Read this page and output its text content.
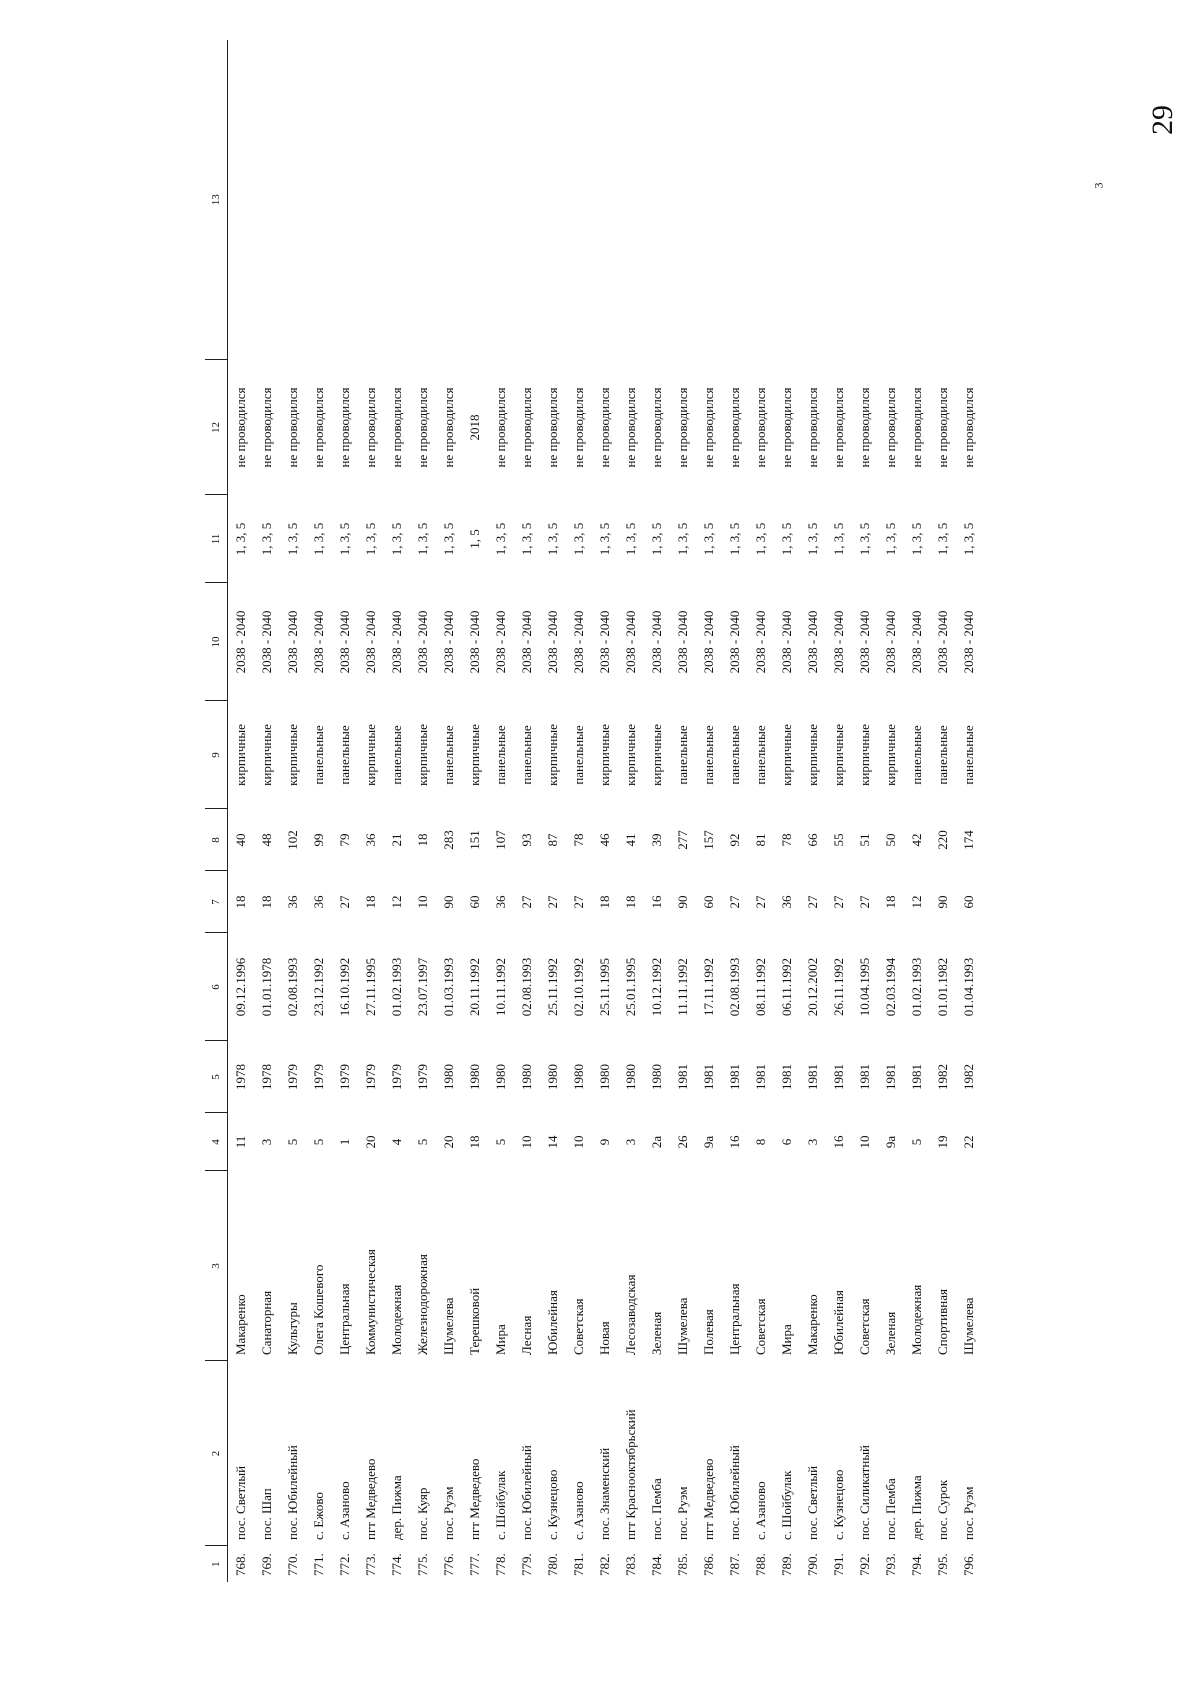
29
3
1	2	3	4	5	6	7	8	9	10	11	12	13
768.	пос. Светлый	Макаренко	11	1978	09.12.1996	18	40	кирпичные	2038 - 2040	1, 3, 5	не проводился	
769.	пос. Шап	Санаторная	3	1978	01.01.1978	18	48	кирпичные	2038 - 2040	1, 3, 5	не проводился	
770.	пос. Юбилейный	Культуры	5	1979	02.08.1993	36	102	кирпичные	2038 - 2040	1, 3, 5	не проводился	
771.	с. Ежово	Олега Кошевого	5	1979	23.12.1992	36	99	панельные	2038 - 2040	1, 3, 5	не проводился	
772.	с. Азаново	Центральная	1	1979	16.10.1992	27	79	панельные	2038 - 2040	1, 3, 5	не проводился	
773.	пгт Медведево	Коммунистическая	20	1979	27.11.1995	18	36	кирпичные	2038 - 2040	1, 3, 5	не проводился	
774.	дер. Пижма	Молодежная	4	1979	01.02.1993	12	21	панельные	2038 - 2040	1, 3, 5	не проводился	
775.	пос. Куяр	Железнодорожная	5	1979	23.07.1997	10	18	кирпичные	2038 - 2040	1, 3, 5	не проводился	
776.	пос. Руэм	Шумелева	20	1980	01.03.1993	90	283	панельные	2038 - 2040	1, 3, 5	не проводился	
777.	пгт Медведево	Терешковой	18	1980	20.11.1992	60	151	кирпичные	2038 - 2040	1, 5	2018	
778.	с. Шойбулак	Мира	5	1980	10.11.1992	36	107	панельные	2038 - 2040	1, 3, 5	не проводился	
779.	пос. Юбилейный	Лесная	10	1980	02.08.1993	27	93	панельные	2038 - 2040	1, 3, 5	не проводился	
780.	с. Кузнецово	Юбилейная	14	1980	25.11.1992	27	87	кирпичные	2038 - 2040	1, 3, 5	не проводился	
781.	с. Азаново	Советская	10	1980	02.10.1992	27	78	панельные	2038 - 2040	1, 3, 5	не проводился	
782.	пос. Знаменский	Новая	9	1980	25.11.1995	18	46	кирпичные	2038 - 2040	1, 3, 5	не проводился	
783.	пгт Краснооктябрьский	Лесозаводская	3	1980	25.01.1995	18	41	кирпичные	2038 - 2040	1, 3, 5	не проводился	
784.	пос. Пемба	Зеленая	2а	1980	10.12.1992	16	39	кирпичные	2038 - 2040	1, 3, 5	не проводился	
785.	пос. Руэм	Шумелева	26	1981	11.11.1992	90	277	панельные	2038 - 2040	1, 3, 5	не проводился	
786.	пгт Медведево	Полевая	9а	1981	17.11.1992	60	157	панельные	2038 - 2040	1, 3, 5	не проводился	
787.	пос. Юбилейный	Центральная	16	1981	02.08.1993	27	92	панельные	2038 - 2040	1, 3, 5	не проводился	
788.	с. Азаново	Советская	8	1981	08.11.1992	27	81	панельные	2038 - 2040	1, 3, 5	не проводился	
789.	с. Шойбулак	Мира	6	1981	06.11.1992	36	78	кирпичные	2038 - 2040	1, 3, 5	не проводился	
790.	пос. Светлый	Макаренко	3	1981	20.12.2002	27	66	кирпичные	2038 - 2040	1, 3, 5	не проводился	
791.	с. Кузнецово	Юбилейная	16	1981	26.11.1992	27	55	кирпичные	2038 - 2040	1, 3, 5	не проводился	
792.	пос. Силикатный	Советская	10	1981	10.04.1995	27	51	кирпичные	2038 - 2040	1, 3, 5	не проводился	
793.	пос. Пемба	Зеленая	9а	1981	02.03.1994	18	50	кирпичные	2038 - 2040	1, 3, 5	не проводился	
794.	дер. Пижма	Молодежная	5	1981	01.02.1993	12	42	панельные	2038 - 2040	1, 3, 5	не проводился	
795.	пос. Сурок	Спортивная	19	1982	01.01.1982	90	220	панельные	2038 - 2040	1, 3, 5	не проводился	
796.	пос. Руэм	Шумелева	22	1982	01.04.1993	60	174	панельные	2038 - 2040	1, 3, 5	не проводился	
